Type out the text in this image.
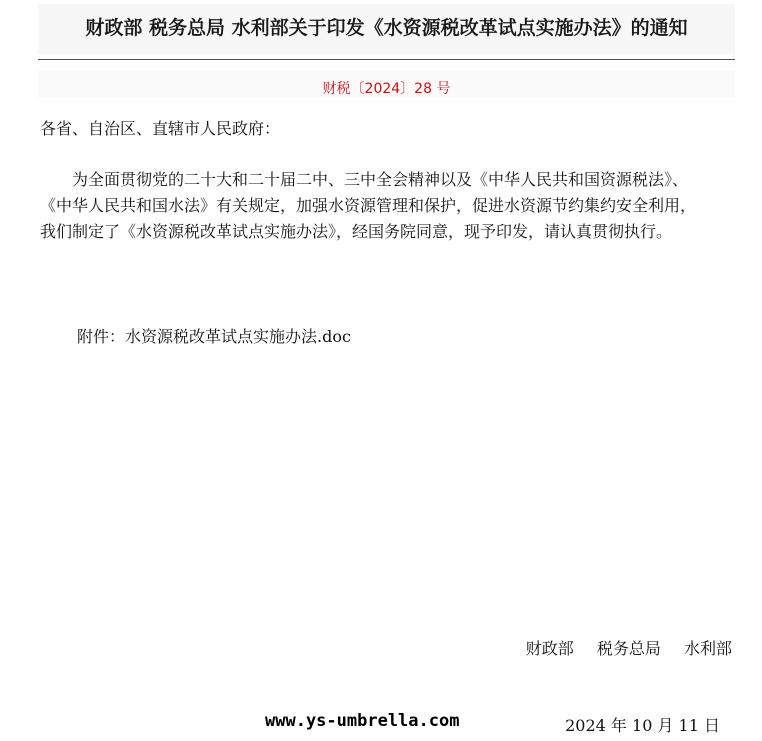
财政部 税务总局 水利部关于印发《水资源税改革试点实施办法》的通知
财税〔2024〕28 号
各省、自治区、直辖市人民政府：
　　为全面贯彻党的二十大和二十届二中、三中全会精神以及《中华人民共和国资源税法》、
《中华人民共和国水法》有关规定，加强水资源管理和保护，促进水资源节约集约安全利用，
我们制定了《水资源税改革试点实施办法》，经国务院同意，现予印发，请认真贯彻执行。
附件：水资源税改革试点实施办法.doc
财政部 税务总局 水利部
www.ys-umbrella.com	2024 年 10 月 11 日
